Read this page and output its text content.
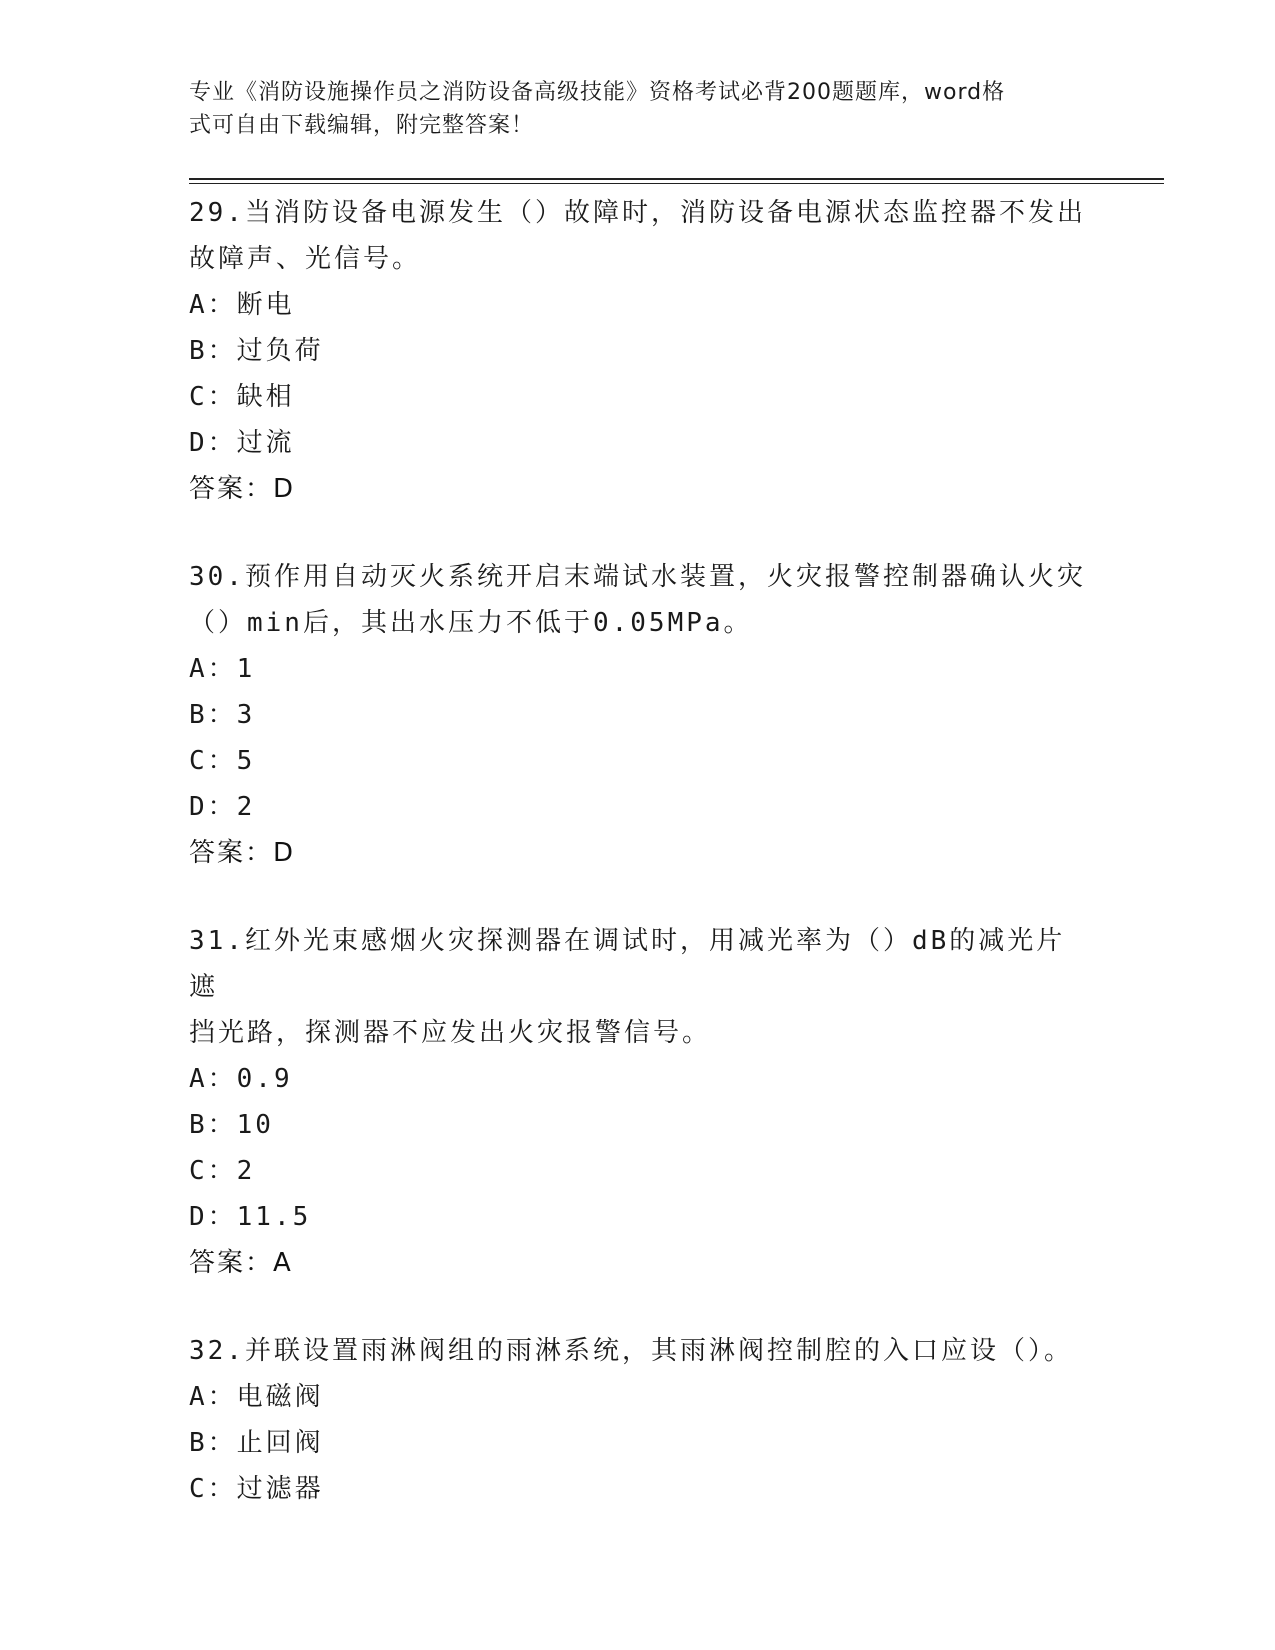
专业《消防设施操作员之消防设备高级技能》资格考试必背200题题库，word格
式可自由下载编辑，附完整答案！
29.当消防设备电源发生（）故障时，消防设备电源状态监控器不发出
故障声、光信号。
A：断电
B：过负荷
C：缺相
D：过流
答案：D
30.预作用自动灭火系统开启末端试水装置，火灾报警控制器确认火灾
（）min后，其出水压力不低于0.05MPa。
A：1
B：3
C：5
D：2
答案：D
31.红外光束感烟火灾探测器在调试时，用减光率为（）dB的减光片遮
挡光路，探测器不应发出火灾报警信号。
A：0.9
B：10
C：2
D：11.5
答案：A
32.并联设置雨淋阀组的雨淋系统，其雨淋阀控制腔的入口应设（）。
A：电磁阀
B：止回阀
C：过滤器
